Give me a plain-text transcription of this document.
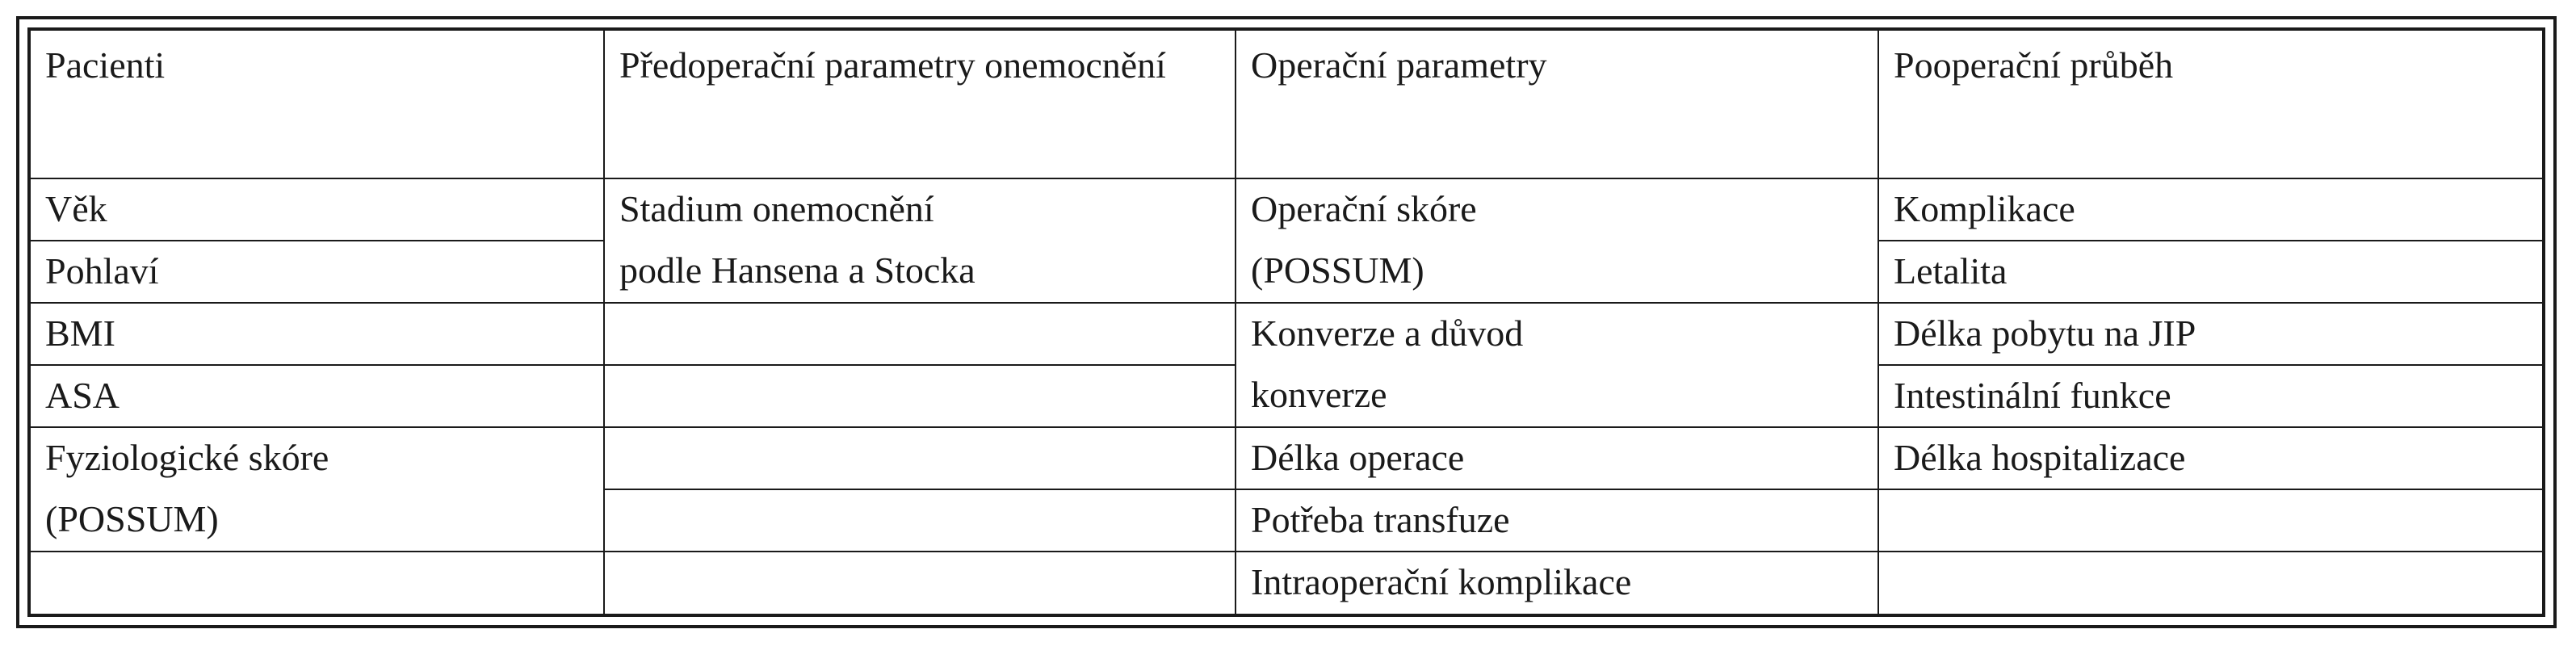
Pacienti	Předoperační parametry onemocnění	Operační parametry	Pooperační průběh
Věk	Stadium onemocnění	Operační skóre	Komplikace
Pohlaví	podle Hansena a Stocka	(POSSUM)	Letalita
BMI		Konverze a důvod	Délka pobytu na JIP
ASA		konverze	Intestinální funkce
Fyziologické skóre		Délka operace	Délka hospitalizace
(POSSUM)		Potřeba transfuze	
		Intraoperační komplikace	
